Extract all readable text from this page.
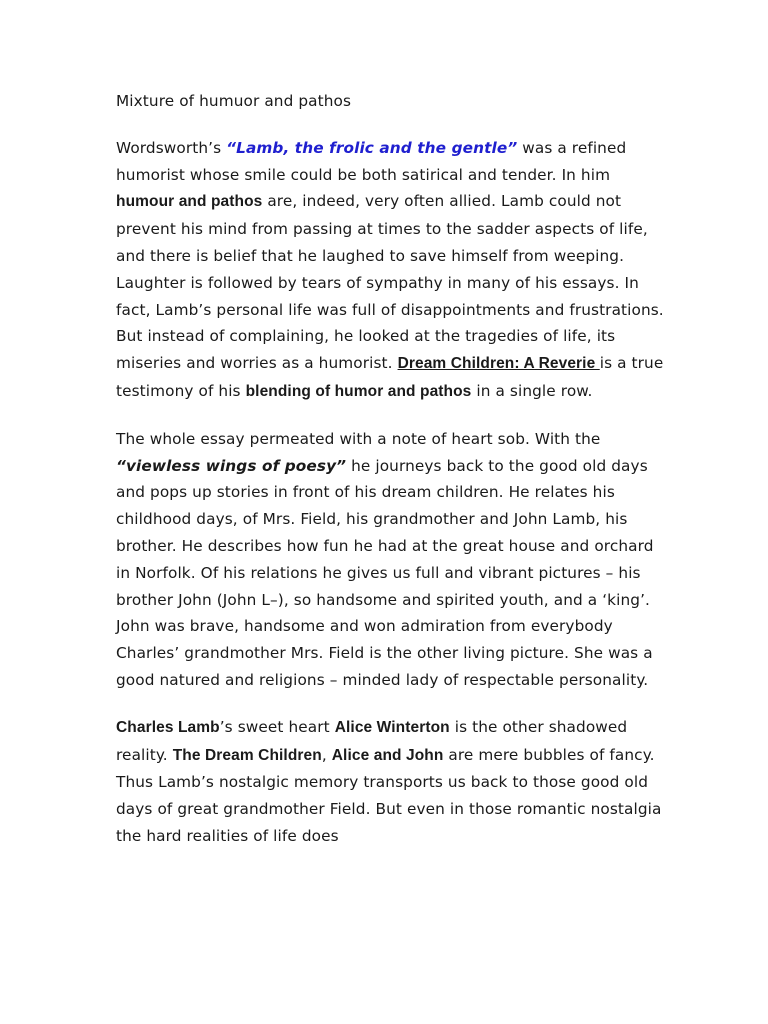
Mixture of humuor and pathos

Wordsworth’s “Lamb, the frolic and the gentle” was a refined humorist whose smile could be both satirical and tender. In him humour and pathos are, indeed, very often allied. Lamb could not prevent his mind from passing at times to the sadder aspects of life, and there is belief that he laughed to save himself from weeping. Laughter is followed by tears of sympathy in many of his essays. In fact, Lamb’s personal life was full of disappointments and frustrations. But instead of complaining, he looked at the tragedies of life, its miseries and worries as a humorist. Dream Children: A Reverie is a true testimony of his blending of humor and pathos in a single row.

The whole essay permeated with a note of heart sob. With the “viewless wings of poesy” he journeys back to the good old days and pops up stories in front of his dream children. He relates his childhood days, of Mrs. Field, his grandmother and John Lamb, his brother. He describes how fun he had at the great house and orchard in Norfolk. Of his relations he gives us full and vibrant pictures – his brother John (John L–), so handsome and spirited youth, and a ‘king’. John was brave, handsome and won admiration from everybody Charles’ grandmother Mrs. Field is the other living picture. She was a good natured and religions – minded lady of respectable personality.

Charles Lamb’s sweet heart Alice Winterton is the other shadowed reality. The Dream Children, Alice and John are mere bubbles of fancy. Thus Lamb’s nostalgic memory transports us back to those good old days of great grandmother Field. But even in those romantic nostalgia the hard realities of life does
